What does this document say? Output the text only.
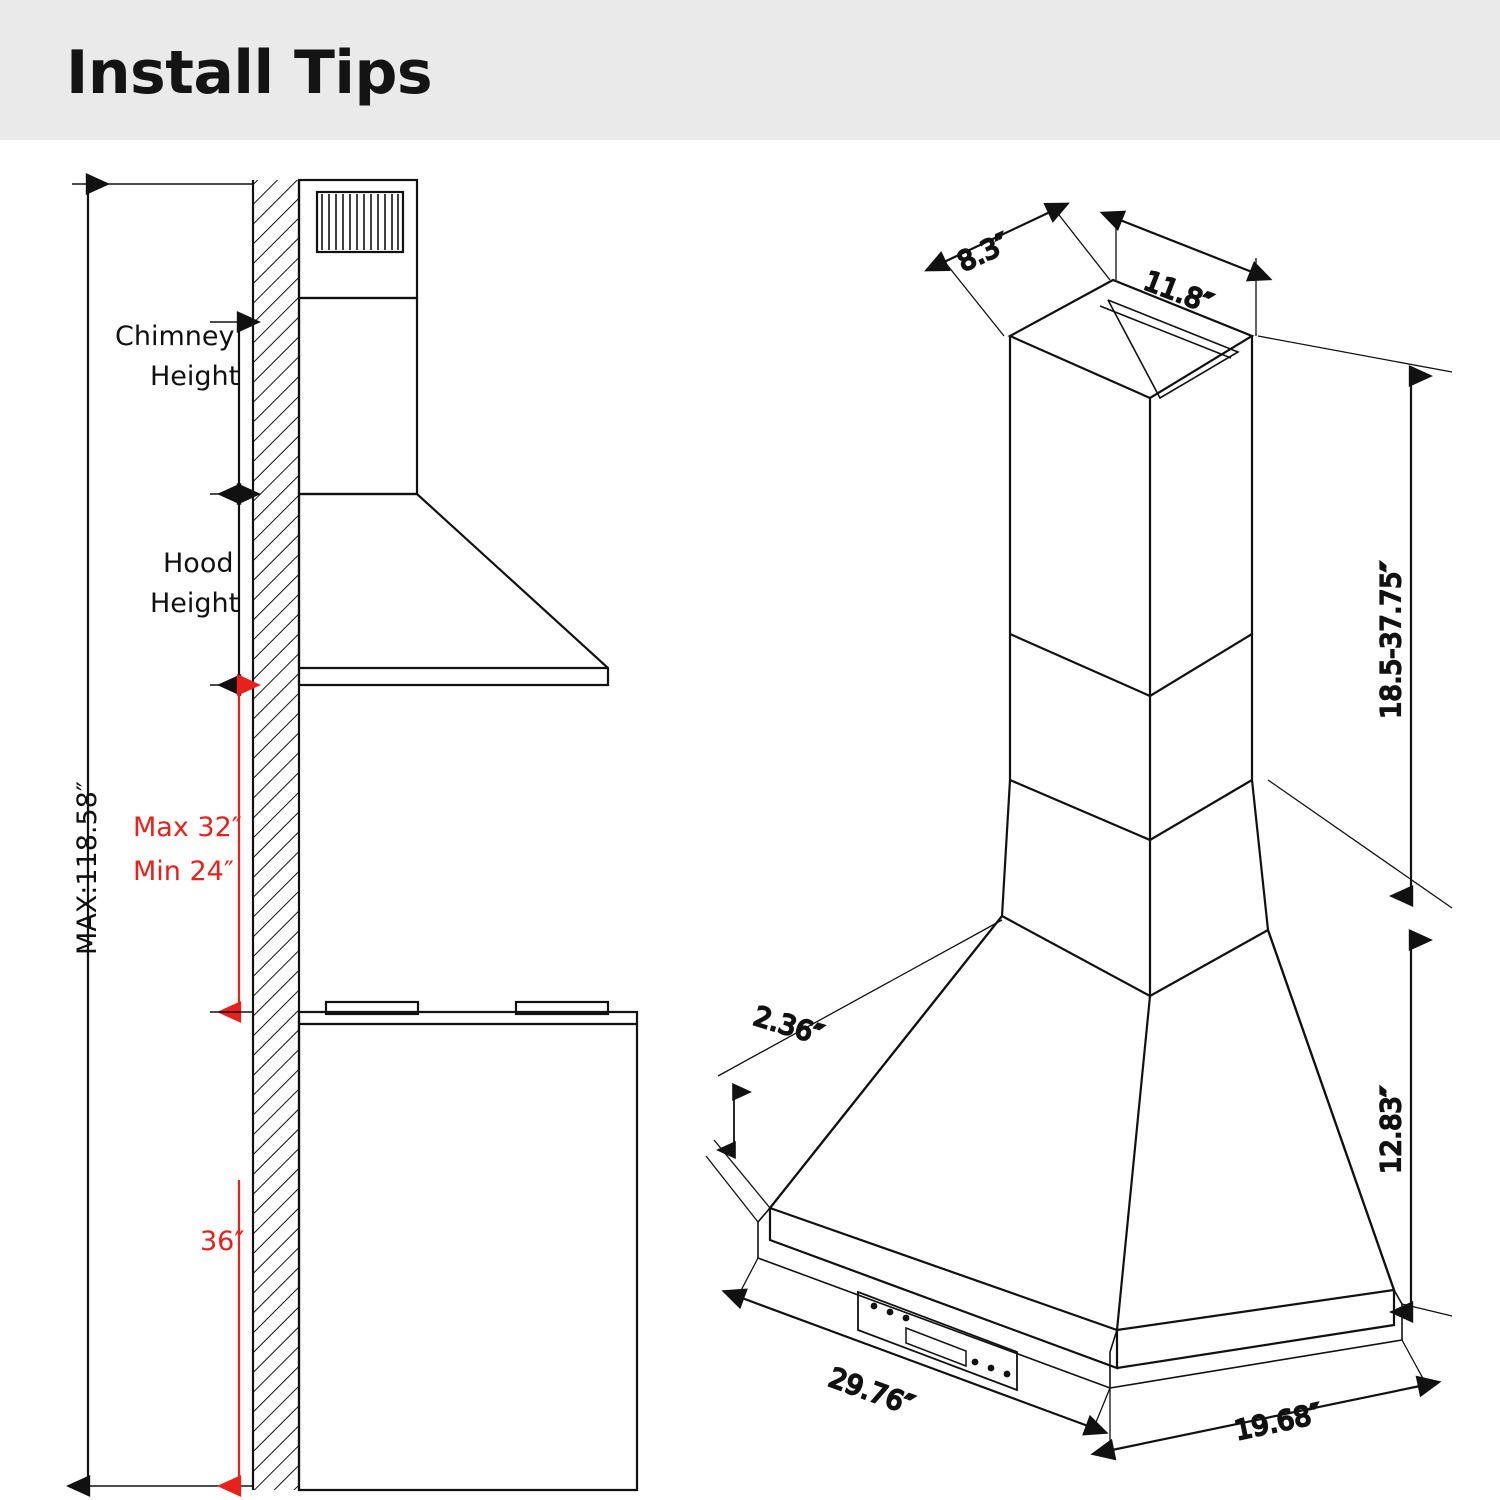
Install Tips
Chimney
Height
Hood
Height
MAX:118.58″ Max 32″
Min 24″
36″
8.3″
11.8″
18.5-37.75″
12.83″
2.36″
29.76″
19.68″
